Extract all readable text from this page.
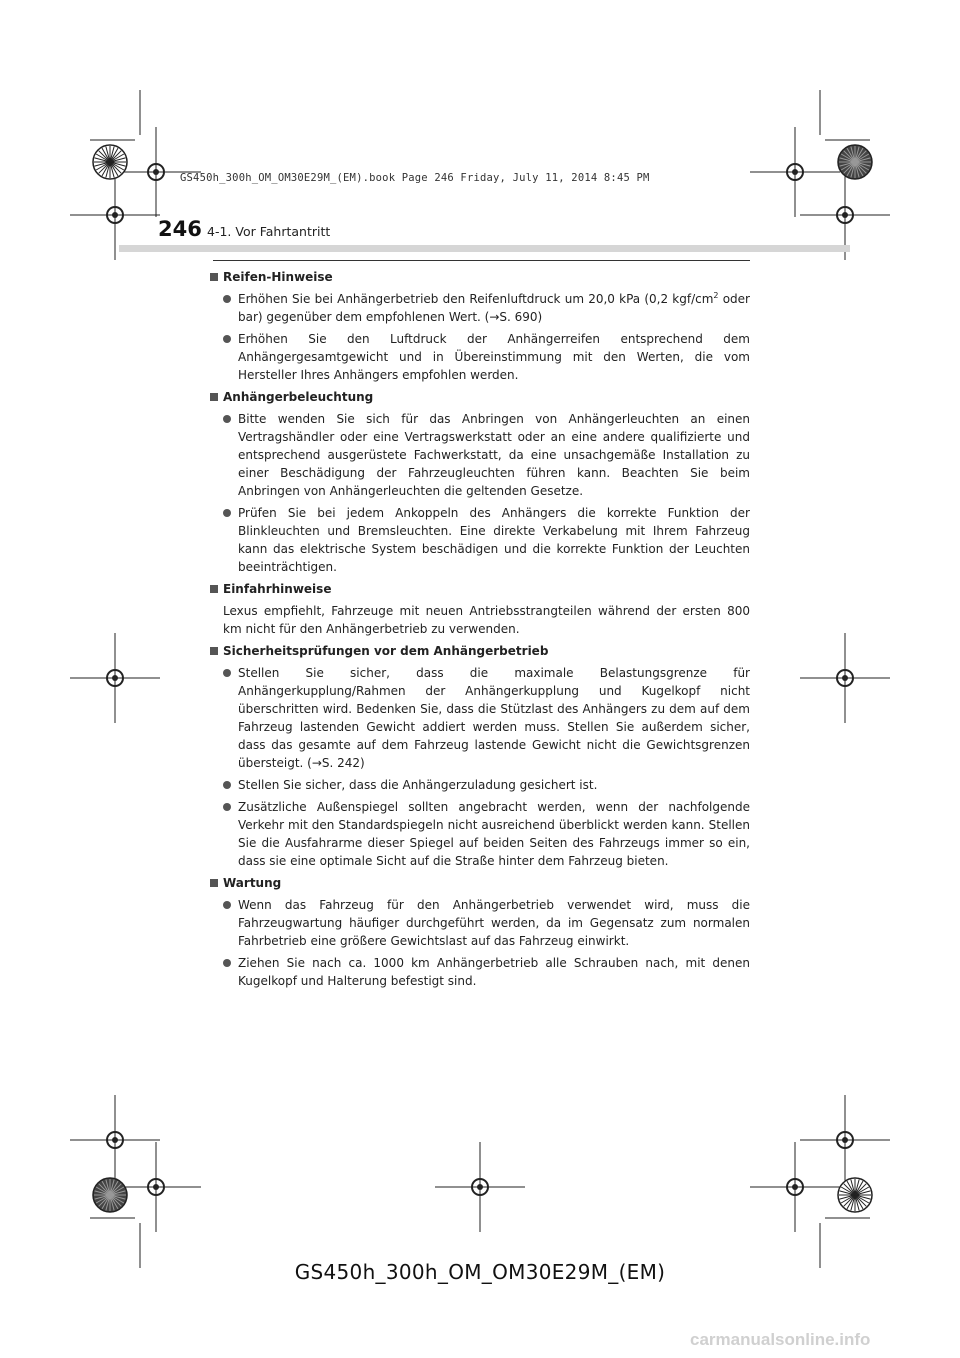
GS450h_300h_OM_OM30E29M_(EM).book Page 246 Friday, July 11, 2014 8:45 PM
246 4-1. Vor Fahrtantritt
Reifen-Hinweise
Erhöhen Sie bei Anhängerbetrieb den Reifenluftdruck um 20,0 kPa (0,2 kgf/$cm^2$ oder bar) gegenüber dem empfohlenen Wert. (→S. 690)
Erhöhen Sie den Luftdruck der Anhängerreifen entsprechend dem Anhängergesamtgewicht und in Übereinstimmung mit den Werten, die vom Hersteller Ihres Anhängers empfohlen werden.
Anhängerbeleuchtung
Bitte wenden Sie sich für das Anbringen von Anhängerleuchten an einen Vertragshändler oder eine Vertragswerkstatt oder an eine andere qualifizierte und entsprechend ausgerüstete Fachwerkstatt, da eine unsachgemäße Installation zu einer Beschädigung der Fahrzeugleuchten führen kann. Beachten Sie beim Anbringen von Anhängerleuchten die geltenden Gesetze.
Prüfen Sie bei jedem Ankoppeln des Anhängers die korrekte Funktion der Blinkleuchten und Bremsleuchten. Eine direkte Verkabelung mit Ihrem Fahrzeug kann das elektrische System beschädigen und die korrekte Funktion der Leuchten beeinträchtigen.
Einfahrhinweise
Lexus empfiehlt, Fahrzeuge mit neuen Antriebsstrangteilen während der ersten 800 km nicht für den Anhängerbetrieb zu verwenden.
Sicherheitsprüfungen vor dem Anhängerbetrieb
Stellen Sie sicher, dass die maximale Belastungsgrenze für Anhängerkupplung/Rahmen der Anhängerkupplung und Kugelkopf nicht überschritten wird. Bedenken Sie, dass die Stützlast des Anhängers zu dem auf dem Fahrzeug lastenden Gewicht addiert werden muss. Stellen Sie außerdem sicher, dass das gesamte auf dem Fahrzeug lastende Gewicht nicht die Gewichtsgrenzen übersteigt. (→S. 242)
Stellen Sie sicher, dass die Anhängerzuladung gesichert ist.
Zusätzliche Außenspiegel sollten angebracht werden, wenn der nachfolgende Verkehr mit den Standardspiegeln nicht ausreichend überblickt werden kann. Stellen Sie die Ausfahrarme dieser Spiegel auf beiden Seiten des Fahrzeugs immer so ein, dass sie eine optimale Sicht auf die Straße hinter dem Fahrzeug bieten.
Wartung
Wenn das Fahrzeug für den Anhängerbetrieb verwendet wird, muss die Fahrzeugwartung häufiger durchgeführt werden, da im Gegensatz zum normalen Fahrbetrieb eine größere Gewichtslast auf das Fahrzeug einwirkt.
Ziehen Sie nach ca. 1000 km Anhängerbetrieb alle Schrauben nach, mit denen Kugelkopf und Halterung befestigt sind.
GS450h_300h_OM_OM30E29M_(EM)
carmanualsonline.info
